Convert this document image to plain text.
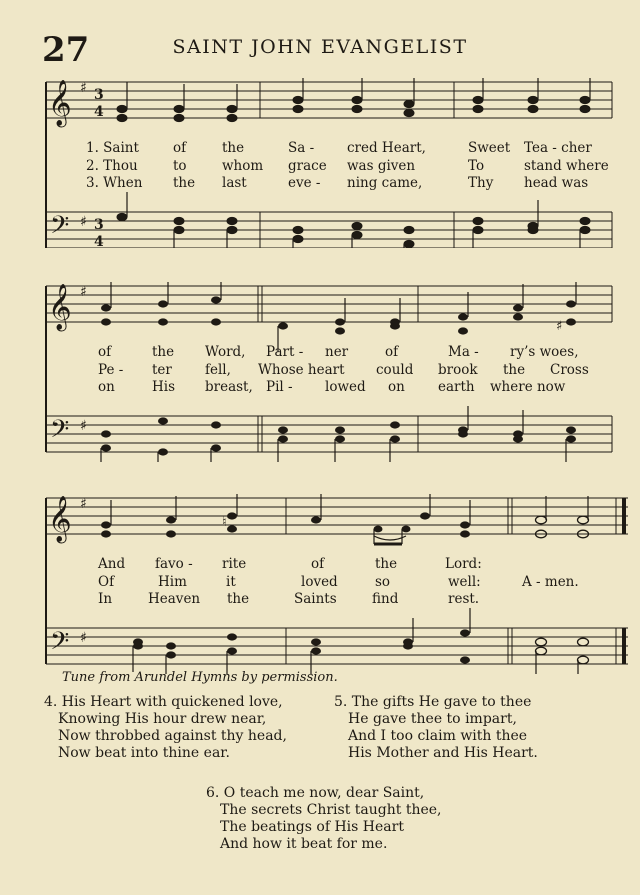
27	SAINT JOHN EVANGELIST
𝄞
𝄢
♯
♯
3
4
3
4
1. Saint	of	the	Sa - cred Heart,	Sweet Tea - cher
2. Thou	to	whom grace was given	To	stand where
3. When the last	eve - ning came,	Thy head was
𝄞
𝄢
♯
♯
♯
of	the Word, Part - ner	of	Ma - ry’s woes,
Pe - ter fell, Whose heart could brook the Cross
on	His breast, Pil - lowed on earth where now
𝄞
𝄢
♯
♯
♮
And favo - rite	of	the	Lord:
Of	Him	it	loved	so	well:	A - men.
In	Heaven the	Saints	find	rest.
Tune from Arundel Hymns by permission.
4. His Heart with quickened love,
Knowing His hour drew near,
Now throbbed against thy head,
Now beat into thine ear.
5. The gifts He gave to thee
He gave thee to impart,
And I too claim with thee
His Mother and His Heart.
6. O teach me now, dear Saint,
The secrets Christ taught thee,
The beatings of His Heart
And how it beat for me.
